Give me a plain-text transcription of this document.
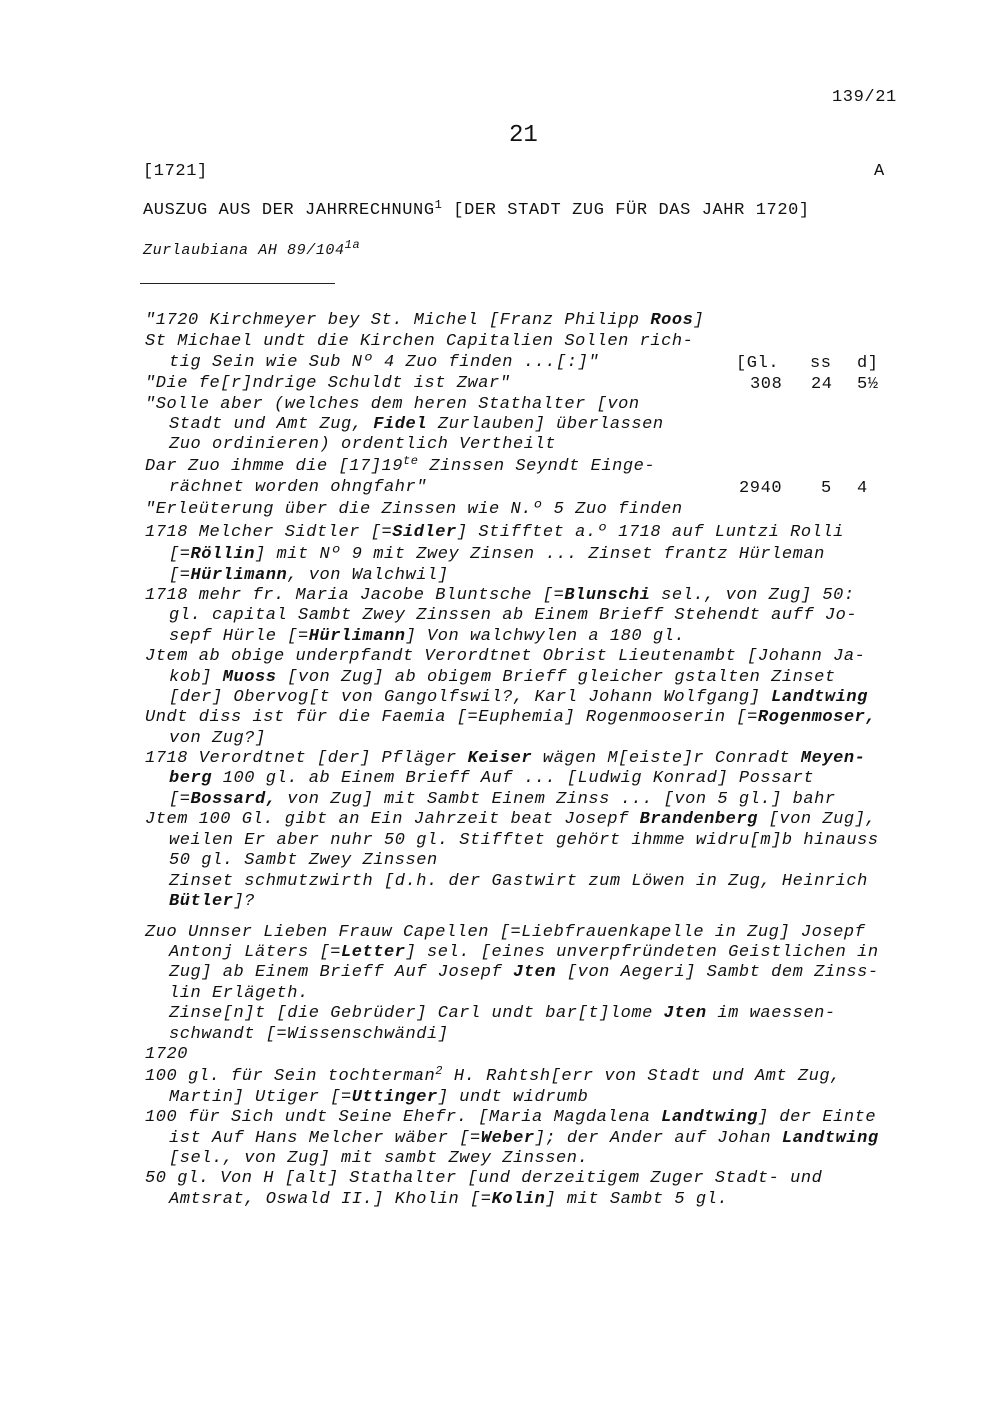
139/21
21
[1721]	A
AUSZUG AUS DER JAHRRECHNUNG$^1$ [DER STADT ZUG FÜR DAS JAHR 1720]
Zurlaubiana AH $89/104^{1a}$
[Gl. ss d]
308 24 5½
2940 5 4
"1720 Kirchmeyer bey St. Michel [Franz Philipp Roos]
St Michael undt die Kirchen Capitalien Sollen rich-
tig Sein wie Sub Nº 4 Zuo finden ...[:]"
"Die fe[r]ndrige Schuldt ist Zwar"
"Solle aber (welches dem heren Stathalter [von
Stadt und Amt Zug, Fidel Zurlauben] überlassen
Zuo ordinieren) ordentlich Vertheilt
Dar Zuo ihmme die $[17]19^{te}$ Zinssen Seyndt Einge-
rächnet worden ohngfahr"
"Erleüterung über die Zinssen wie N.º 5 Zuo finden
1718 Melcher Sidtler [=Sidler] Stifftet a.º 1718 auf Luntzi Rolli
[=Röllin] mit Nº 9 mit Zwey Zinsen ... Zinset frantz Hürleman
[=Hürlimann, von Walchwil]
1718 mehr fr. Maria Jacobe Bluntsche [=Blunschi sel., von Zug] 50:
gl. capital Sambt Zwey Zinssen ab Einem Brieff Stehendt auff Jo-
sepf Hürle [=Hürlimann] Von walchwylen a 180 gl.
Jtem ab obige underpfandt Verordtnet Obrist Lieutenambt [Johann Ja-
kob] Muoss [von Zug] ab obigem Brieff gleicher gstalten Zinset
[der] Obervog[t von Gangolfswil?, Karl Johann Wolfgang] Landtwing
Undt diss ist für die Faemia [=Euphemia] Rogenmooserin [=Rogenmoser,
von Zug?]
1718 Verordtnet [der] Pfläger Keiser wägen M[eiste]r Conradt Meyen-
berg 100 gl. ab Einem Brieff Auf ... [Ludwig Konrad] Possart
[=Bossard, von Zug] mit Sambt Einem Zinss ... [von 5 gl.] bahr
Jtem 100 Gl. gibt an Ein Jahrzeit beat Josepf Brandenberg [von Zug],
weilen Er aber nuhr 50 gl. Stifftet gehört ihmme widru[m]b hinauss
50 gl. Sambt Zwey Zinssen
Zinset schmutzwirth [d.h. der Gastwirt zum Löwen in Zug, Heinrich
Bütler]?
Zuo Unnser Lieben Frauw Capellen [=Liebfrauenkapelle in Zug] Josepf
Antonj Läters [=Letter] sel. [eines unverpfründeten Geistlichen in
Zug] ab Einem Brieff Auf Josepf Jten [von Aegeri] Sambt dem Zinss-
lin Erlägeth.
Zinse[n]t [die Gebrüder] Carl undt bar[t]lome Jten im waessen-
schwandt [=Wissenschwändi]
1720
100 gl. für Sein tochterman$^2$ H. Rahtsh[err von Stadt und Amt Zug,
Martin] Utiger [=Uttinger] undt widrumb
100 für Sich undt Seine Ehefr. [Maria Magdalena Landtwing] der Einte
ist Auf Hans Melcher wäber [=Weber]; der Ander auf Johan Landtwing
[sel., von Zug] mit sambt Zwey Zinssen.
50 gl. Von H [alt] Stathalter [und derzeitigem Zuger Stadt- und
Amtsrat, Oswald II.] Kholin [=Kolin] mit Sambt 5 gl.
